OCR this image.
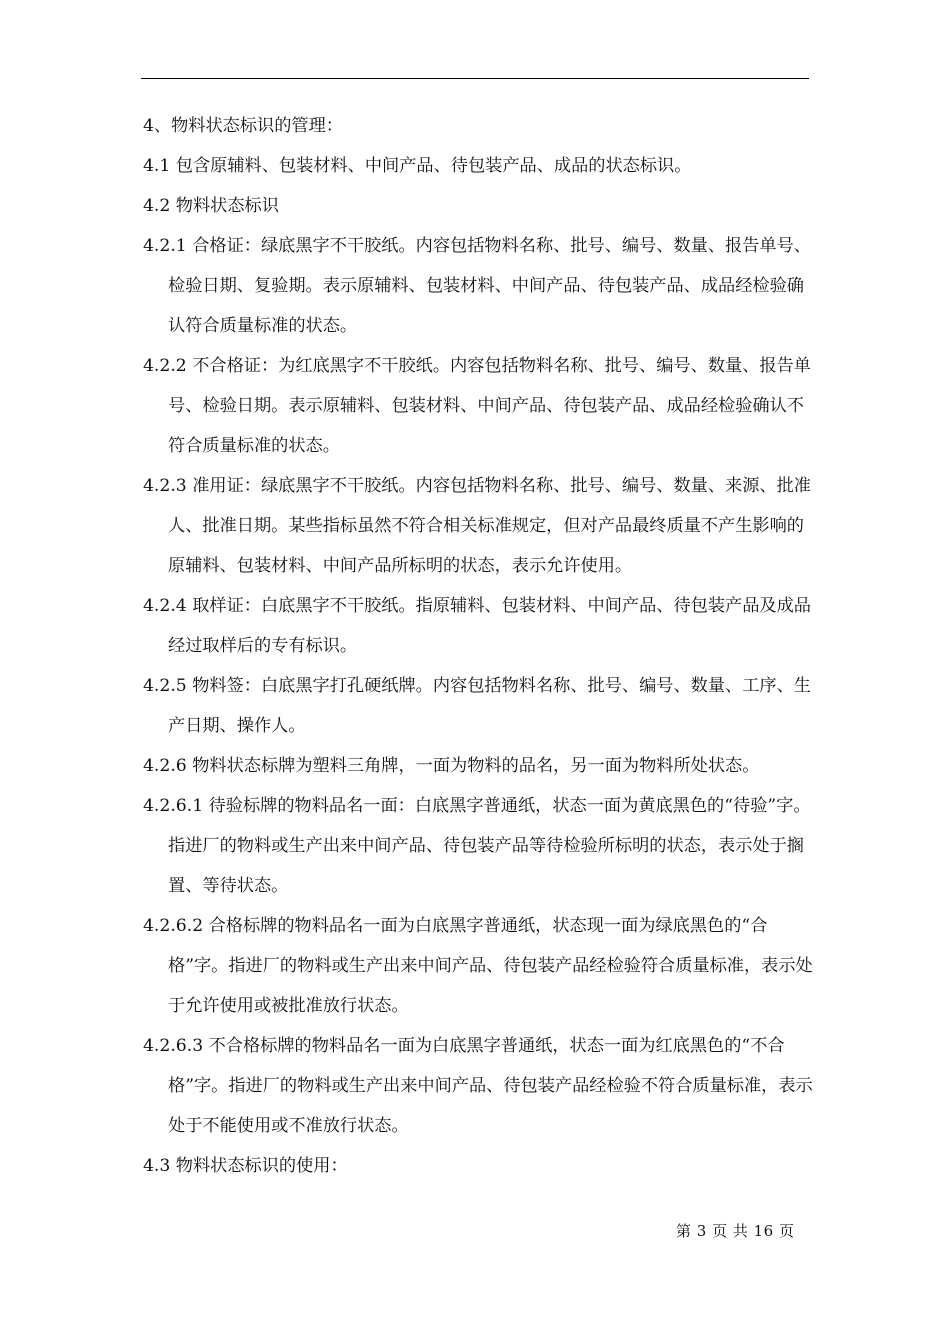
4、物料状态标识的管理：

4.1 包含原辅料、包装材料、中间产品、待包装产品、成品的状态标识。

4.2 物料状态标识

4.2.1 合格证：绿底黑字不干胶纸。内容包括物料名称、批号、编号、数量、报告单号、检验日期、复验期。表示原辅料、包装材料、中间产品、待包装产品、成品经检验确认符合质量标准的状态。

4.2.2 不合格证：为红底黑字不干胶纸。内容包括物料名称、批号、编号、数量、报告单号、检验日期。表示原辅料、包装材料、中间产品、待包装产品、成品经检验确认不符合质量标准的状态。

4.2.3 准用证：绿底黑字不干胶纸。内容包括物料名称、批号、编号、数量、来源、批准人、批准日期。某些指标虽然不符合相关标准规定，但对产品最终质量不产生影响的原辅料、包装材料、中间产品所标明的状态，表示允许使用。

4.2.4 取样证：白底黑字不干胶纸。指原辅料、包装材料、中间产品、待包装产品及成品经过取样后的专有标识。

4.2.5 物料签：白底黑字打孔硬纸牌。内容包括物料名称、批号、编号、数量、工序、生产日期、操作人。

4.2.6 物料状态标牌为塑料三角牌，一面为物料的品名，另一面为物料所处状态。

4.2.6.1 待验标牌的物料品名一面：白底黑字普通纸，状态一面为黄底黑色的“待验”字。指进厂的物料或生产出来中间产品、待包装产品等待检验所标明的状态，表示处于搁置、等待状态。

4.2.6.2 合格标牌的物料品名一面为白底黑字普通纸，状态现一面为绿底黑色的“合格”字。指进厂的物料或生产出来中间产品、待包装产品经检验符合质量标准，表示处于允许使用或被批准放行状态。

4.2.6.3 不合格标牌的物料品名一面为白底黑字普通纸，状态一面为红底黑色的“不合格”字。指进厂的物料或生产出来中间产品、待包装产品经检验不符合质量标准，表示处于不能使用或不准放行状态。

4.3 物料状态标识的使用：

第 3 页 共 16 页
